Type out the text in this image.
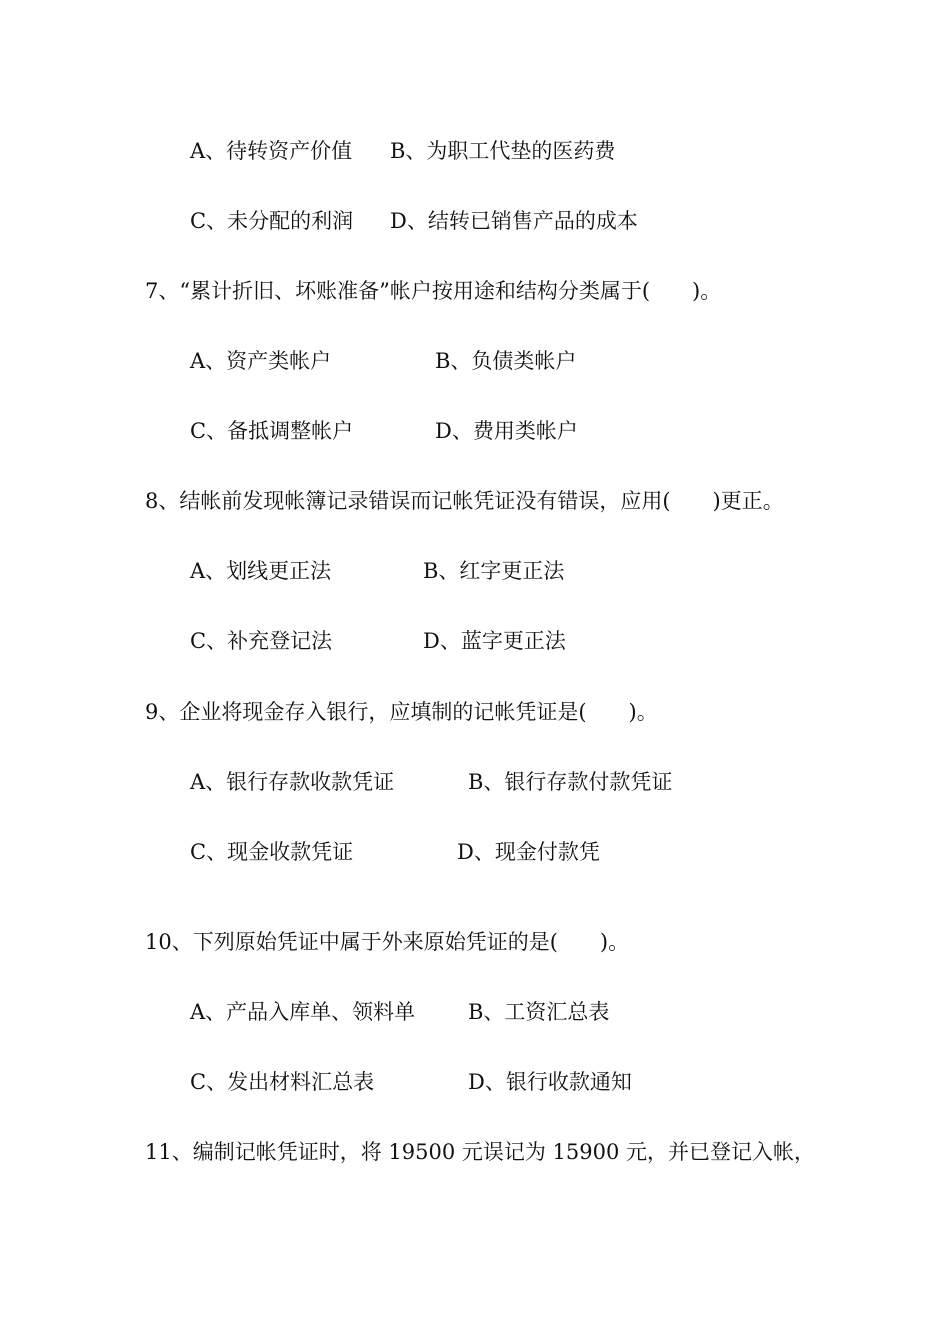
A、待转资产价值 B、为职工代垫的医药费
C、未分配的利润 D、结转已销售产品的成本
7、“累计折旧、坏账准备”帐户按用途和结构分类属于(　　)。
A、资产类帐户	B、负债类帐户
C、备抵调整帐户	D、费用类帐户
8、结帐前发现帐簿记录错误而记帐凭证没有错误，应用(　　)更正。
A、划线更正法	B、红字更正法
C、补充登记法	D、蓝字更正法
9、企业将现金存入银行，应填制的记帐凭证是(　　)。
A、银行存款收款凭证	B、银行存款付款凭证
C、现金收款凭证	D、现金付款凭
10、下列原始凭证中属于外来原始凭证的是(　　)。
A、产品入库单、领料单	B、工资汇总表
C、发出材料汇总表	D、银行收款通知
11、编制记帐凭证时，将 19500 元误记为 15900 元，并已登记入帐，
